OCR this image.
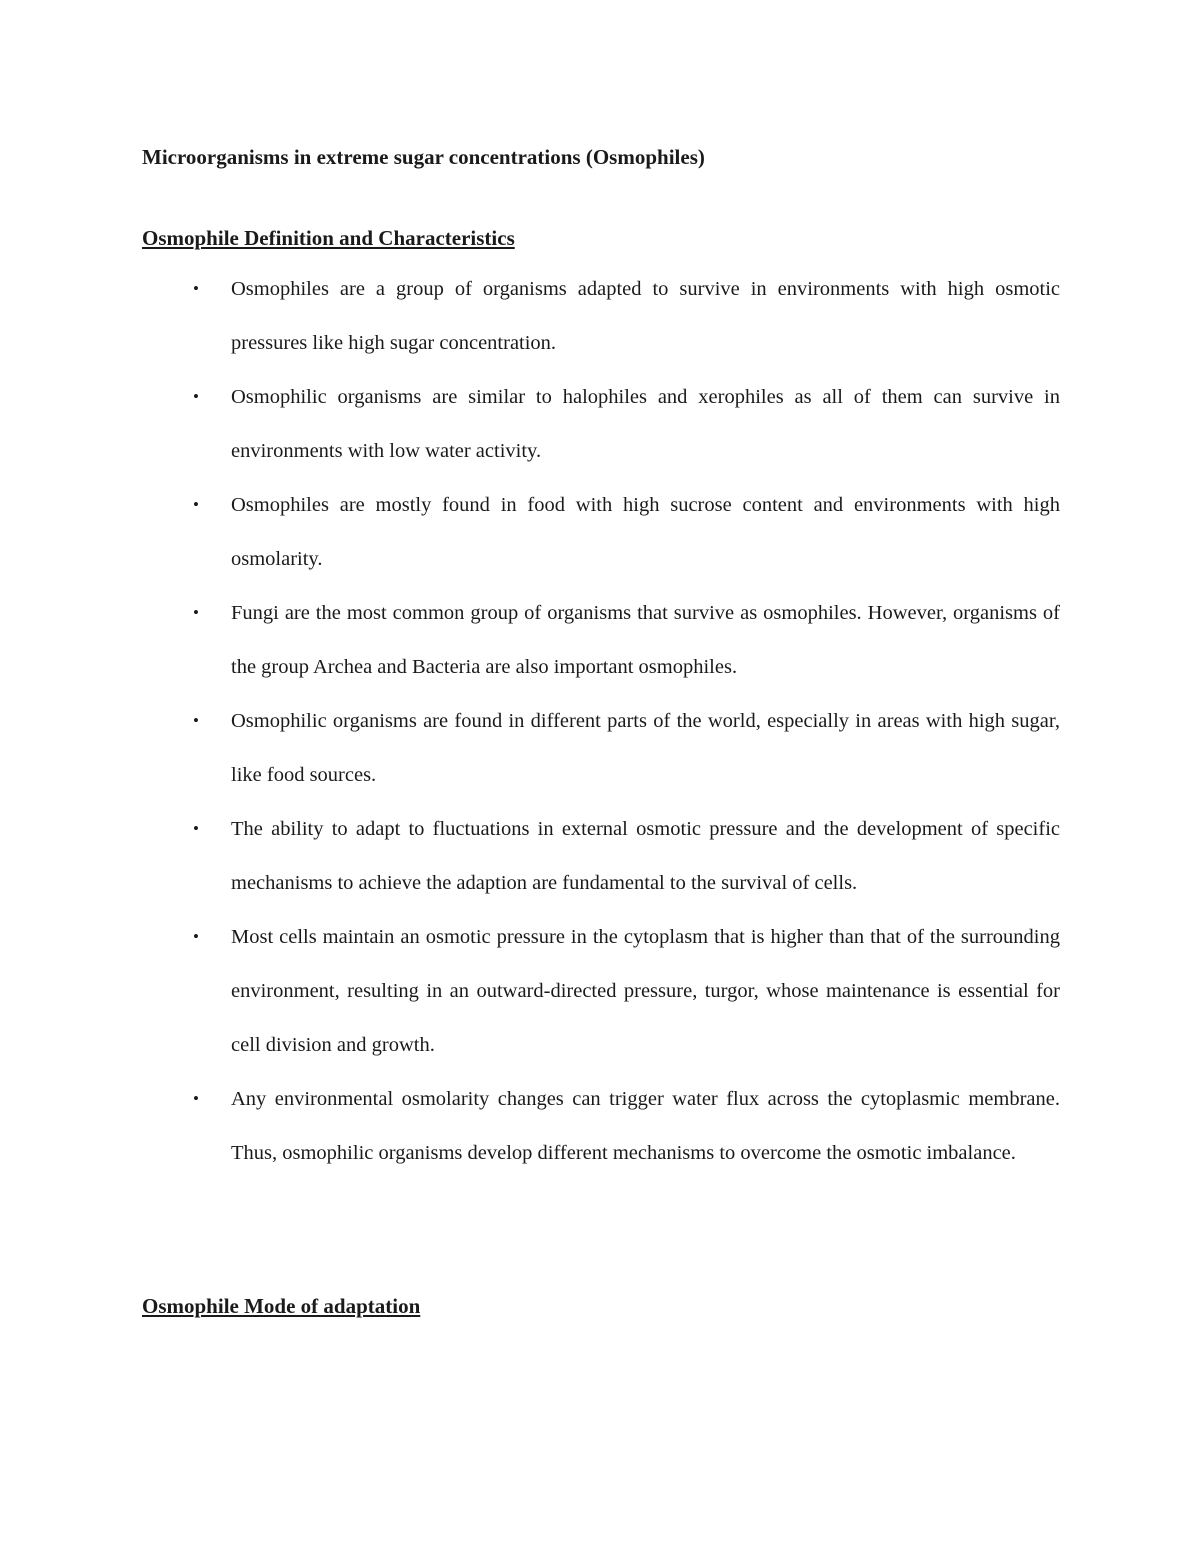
Microorganisms in extreme sugar concentrations (Osmophiles)
Osmophile Definition and Characteristics
•
Osmophiles are a group of organisms adapted to survive in environments with high osmotic pressures like high sugar concentration.
•
Osmophilic organisms are similar to halophiles and xerophiles as all of them can survive in environments with low water activity.
•
Osmophiles are mostly found in food with high sucrose content and environments with high osmolarity.
•
Fungi are the most common group of organisms that survive as osmophiles. However, organisms of the group Archea and Bacteria are also important osmophiles.
•
Osmophilic organisms are found in different parts of the world, especially in areas with high sugar, like food sources.
•
The ability to adapt to fluctuations in external osmotic pressure and the development of specific mechanisms to achieve the adaption are fundamental to the survival of cells.
•
Most cells maintain an osmotic pressure in the cytoplasm that is higher than that of the surrounding environment, resulting in an outward-directed pressure, turgor, whose maintenance is essential for cell division and growth.
•
Any environmental osmolarity changes can trigger water flux across the cytoplasmic membrane. Thus, osmophilic organisms develop different mechanisms to overcome the osmotic imbalance.
Osmophile Mode of adaptation
